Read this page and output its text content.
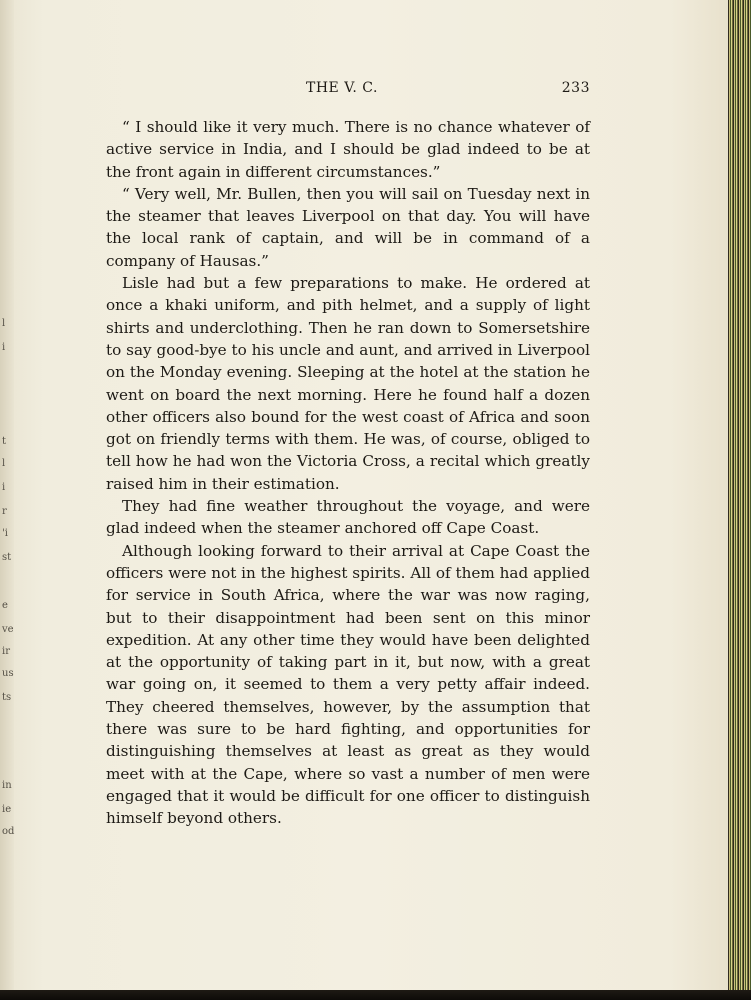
l
i
t
l
i
r
'i
st
e
ve
ir
us
ts
in
ie
od
THE V. C.	233

“ I should like it very much. There is no chance whatever of active service in India, and I should be glad indeed to be at the front again in different circumstances.”

“ Very well, Mr. Bullen, then you will sail on Tuesday next in the steamer that leaves Liverpool on that day. You will have the local rank of captain, and will be in command of a company of Hausas.”

Lisle had but a few preparations to make. He ordered at once a khaki uniform, and pith helmet, and a supply of light shirts and underclothing. Then he ran down to Somersetshire to say good-bye to his uncle and aunt, and arrived in Liverpool on the Monday evening. Sleeping at the hotel at the station he went on board the next morning. Here he found half a dozen other officers also bound for the west coast of Africa and soon got on friendly terms with them. He was, of course, obliged to tell how he had won the Victoria Cross, a recital which greatly raised him in their estimation.

They had fine weather throughout the voyage, and were glad indeed when the steamer anchored off Cape Coast.

Although looking forward to their arrival at Cape Coast the officers were not in the highest spirits. All of them had applied for service in South Africa, where the war was now raging, but to their disappointment had been sent on this minor expedition. At any other time they would have been delighted at the opportunity of taking part in it, but now, with a great war going on, it seemed to them a very petty affair indeed. They cheered themselves, however, by the assumption that there was sure to be hard fighting, and opportunities for distinguishing themselves at least as great as they would meet with at the Cape, where so vast a number of men were engaged that it would be difficult for one officer to distinguish himself beyond others.
